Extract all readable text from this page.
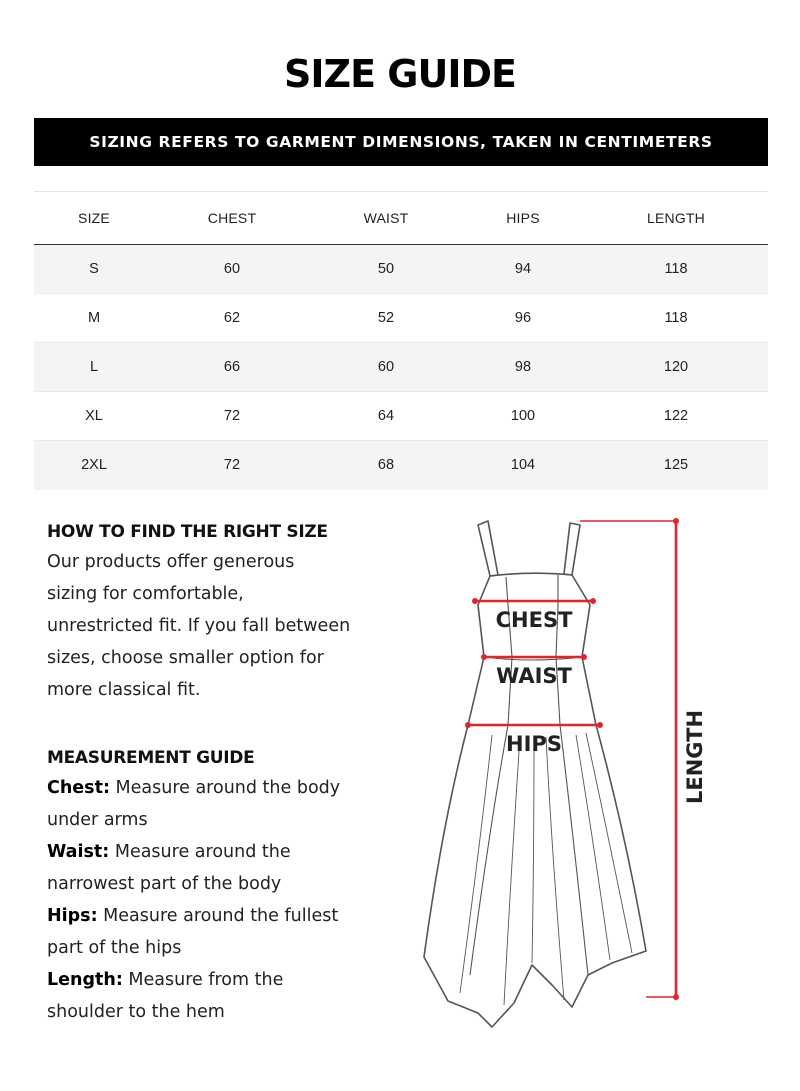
SIZE GUIDE
SIZING REFERS TO GARMENT DIMENSIONS, TAKEN IN CENTIMETERS
SIZE	CHEST	WAIST	HIPS	LENGTH
S	60	50	94	118
M	62	52	96	118
L	66	60	98	120
XL	72	64	100	122
2XL	72	68	104	125
HOW TO FIND THE RIGHT SIZE

Our products offer generous

sizing for comfortable,

unrestricted fit. If you fall between

sizes, choose smaller option for

more classical fit.

MEASUREMENT GUIDE

Chest: Measure around the body

under arms

Waist: Measure around the

narrowest part of the body

Hips: Measure around the fullest

part of the hips

Length: Measure from the

shoulder to the hem

CHEST
WAIST
HIPS	LENGTH
